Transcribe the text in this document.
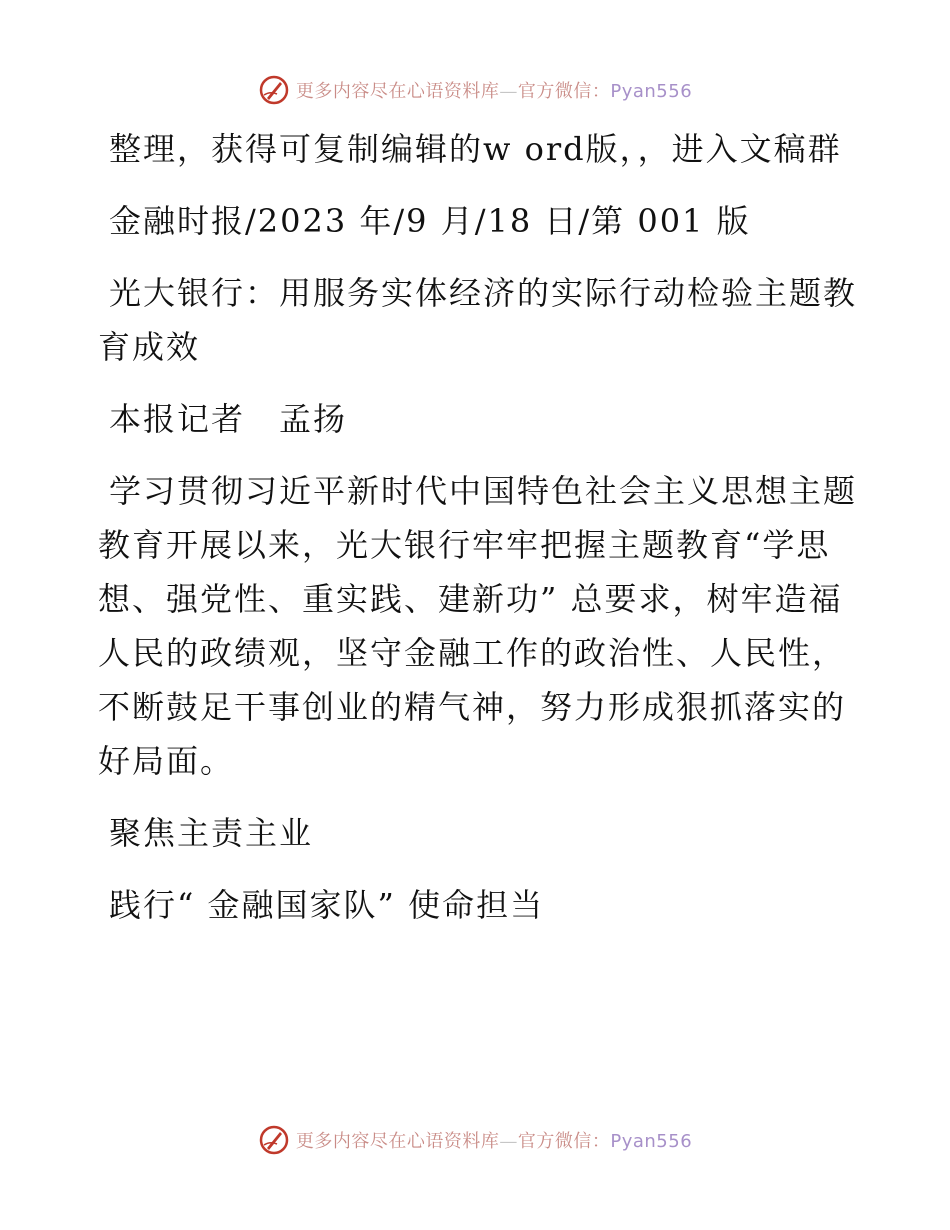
更多内容尽在心语资料库—官方微信：Pyan556

整理，获得可复制编辑的w ord版，，进入文稿群

金融时报/2023 年/9 月/18 日/第 001 版

光大银行：用服务实体经济的实际行动检验主题教育成效

本报记者　孟扬

学习贯彻习近平新时代中国特色社会主义思想主题教育开展以来，光大银行牢牢把握主题教育“学思想、强党性、重实践、建新功” 总要求，树牢造福人民的政绩观，坚守金融工作的政治性、人民性，不断鼓足干事创业的精气神，努力形成狠抓落实的好局面。

聚焦主责主业

践行“ 金融国家队” 使命担当

更多内容尽在心语资料库—官方微信：Pyan556
